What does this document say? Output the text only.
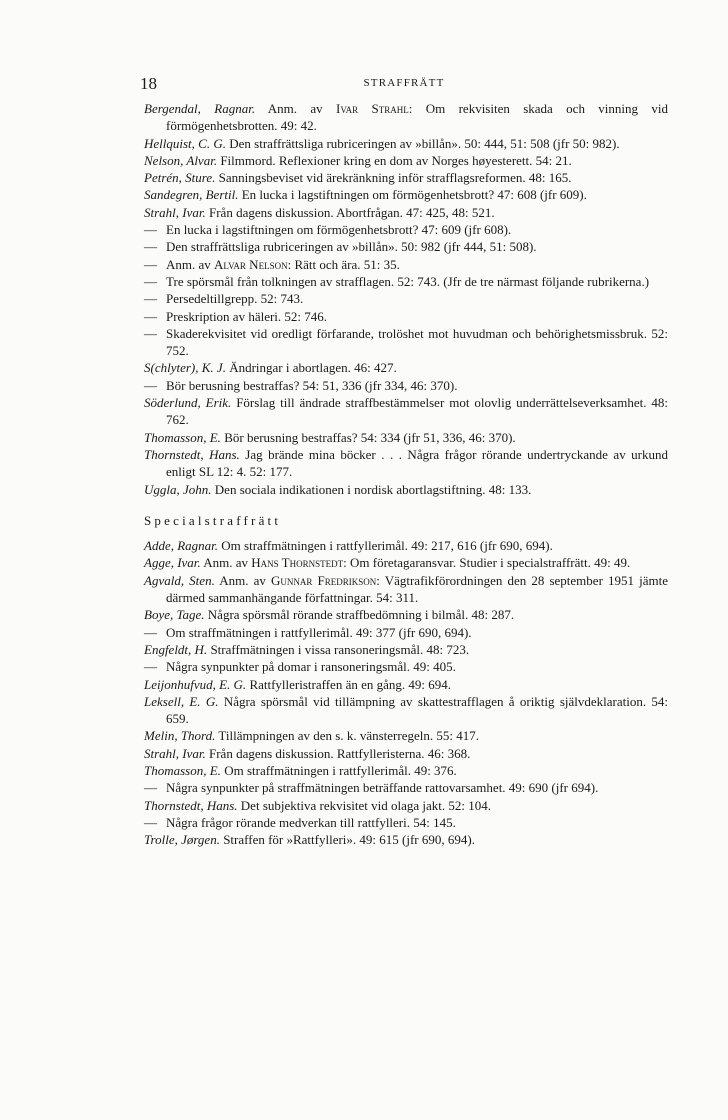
18	STRAFFRÄTT

Bergendal, Ragnar. Anm. av Ivar Strahl: Om rekvisiten skada och vinning vid förmögenhetsbrotten. 49: 42.

Hellquist, C. G. Den straffrättsliga rubriceringen av »billån». 50: 444, 51: 508 (jfr 50: 982).

Nelson, Alvar. Filmmord. Reflexioner kring en dom av Norges høyesterett. 54: 21.

Petrén, Sture. Sanningsbeviset vid ärekränkning inför strafflagsreformen. 48: 165.

Sandegren, Bertil. En lucka i lagstiftningen om förmögenhetsbrott? 47: 608 (jfr 609).

Strahl, Ivar. Från dagens diskussion. Abortfrågan. 47: 425, 48: 521.

— En lucka i lagstiftningen om förmögenhetsbrott? 47: 609 (jfr 608).

— Den straffrättsliga rubriceringen av »billån». 50: 982 (jfr 444, 51: 508).

— Anm. av Alvar Nelson: Rätt och ära. 51: 35.

— Tre spörsmål från tolkningen av strafflagen. 52: 743. (Jfr de tre närmast följande rubrikerna.)

— Persedeltillgrepp. 52: 743.

— Preskription av häleri. 52: 746.

— Skaderekvisitet vid oredligt förfarande, trolöshet mot huvudman och behörighetsmissbruk. 52: 752.

S(chlyter), K. J. Ändringar i abortlagen. 46: 427.

— Bör berusning bestraffas? 54: 51, 336 (jfr 334, 46: 370).

Söderlund, Erik. Förslag till ändrade straffbestämmelser mot olovlig underrättelseverksamhet. 48: 762.

Thomasson, E. Bör berusning bestraffas? 54: 334 (jfr 51, 336, 46: 370).

Thornstedt, Hans. Jag brände mina böcker . . . Några frågor rörande undertryckande av urkund enligt SL 12: 4. 52: 177.

Uggla, John. Den sociala indikationen i nordisk abortlagstiftning. 48: 133.

Specialstraffrätt

Adde, Ragnar. Om straffmätningen i rattfyllerimål. 49: 217, 616 (jfr 690, 694).

Agge, Ivar. Anm. av Hans Thornstedt: Om företagaransvar. Studier i specialstraffrätt. 49: 49.

Agvald, Sten. Anm. av Gunnar Fredrikson: Vägtrafikförordningen den 28 september 1951 jämte därmed sammanhängande författningar. 54: 311.

Boye, Tage. Några spörsmål rörande straffbedömning i bilmål. 48: 287.

— Om straffmätningen i rattfyllerimål. 49: 377 (jfr 690, 694).

Engfeldt, H. Straffmätningen i vissa ransoneringsmål. 48: 723.

— Några synpunkter på domar i ransoneringsmål. 49: 405.

Leijonhufvud, E. G. Rattfylleristraffen än en gång. 49: 694.

Leksell, E. G. Några spörsmål vid tillämpning av skattestrafflagen å oriktig självdeklaration. 54: 659.

Melin, Thord. Tillämpningen av den s. k. vänsterregeln. 55: 417.

Strahl, Ivar. Från dagens diskussion. Rattfylleristerna. 46: 368.

Thomasson, E. Om straffmätningen i rattfyllerimål. 49: 376.

— Några synpunkter på straffmätningen beträffande rattovarsamhet. 49: 690 (jfr 694).

Thornstedt, Hans. Det subjektiva rekvisitet vid olaga jakt. 52: 104.

— Några frågor rörande medverkan till rattfylleri. 54: 145.

Trolle, Jørgen. Straffen för »Rattfylleri». 49: 615 (jfr 690, 694).
